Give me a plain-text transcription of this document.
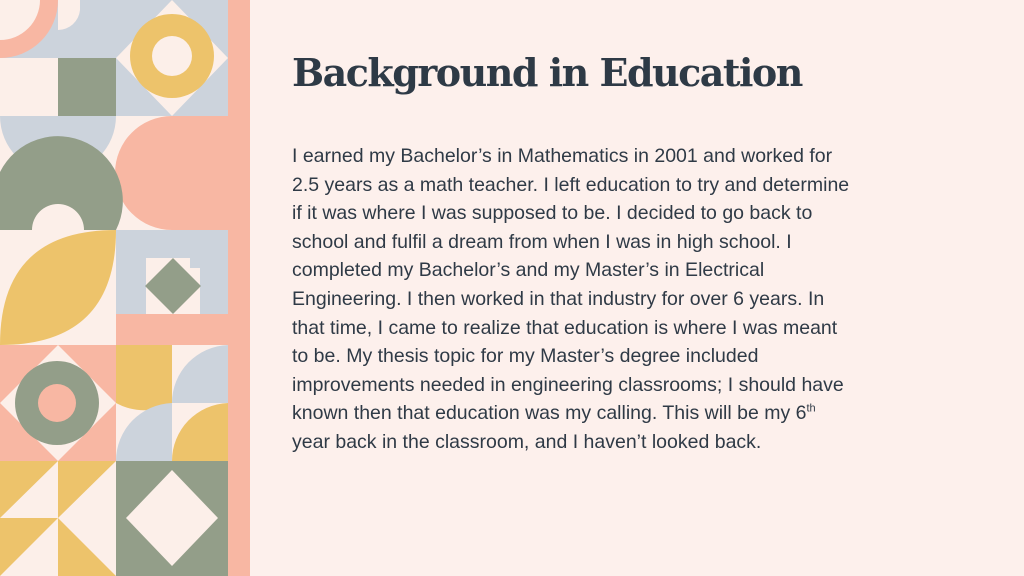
Background in Education

I earned my Bachelor’s in Mathematics in 2001 and worked for 2.5 years as a math teacher. I left education to try and determine if it was where I was supposed to be. I decided to go back to school and fulfil a dream from when I was in high school. I completed my Bachelor’s and my Master’s in Electrical Engineering. I then worked in that industry for over 6 years. In that time, I came to realize that education is where I was meant to be. My thesis topic for my Master’s degree included improvements needed in engineering classrooms; I should have known then that education was my calling. This will be my 6th year back in the classroom, and I haven’t looked back.
